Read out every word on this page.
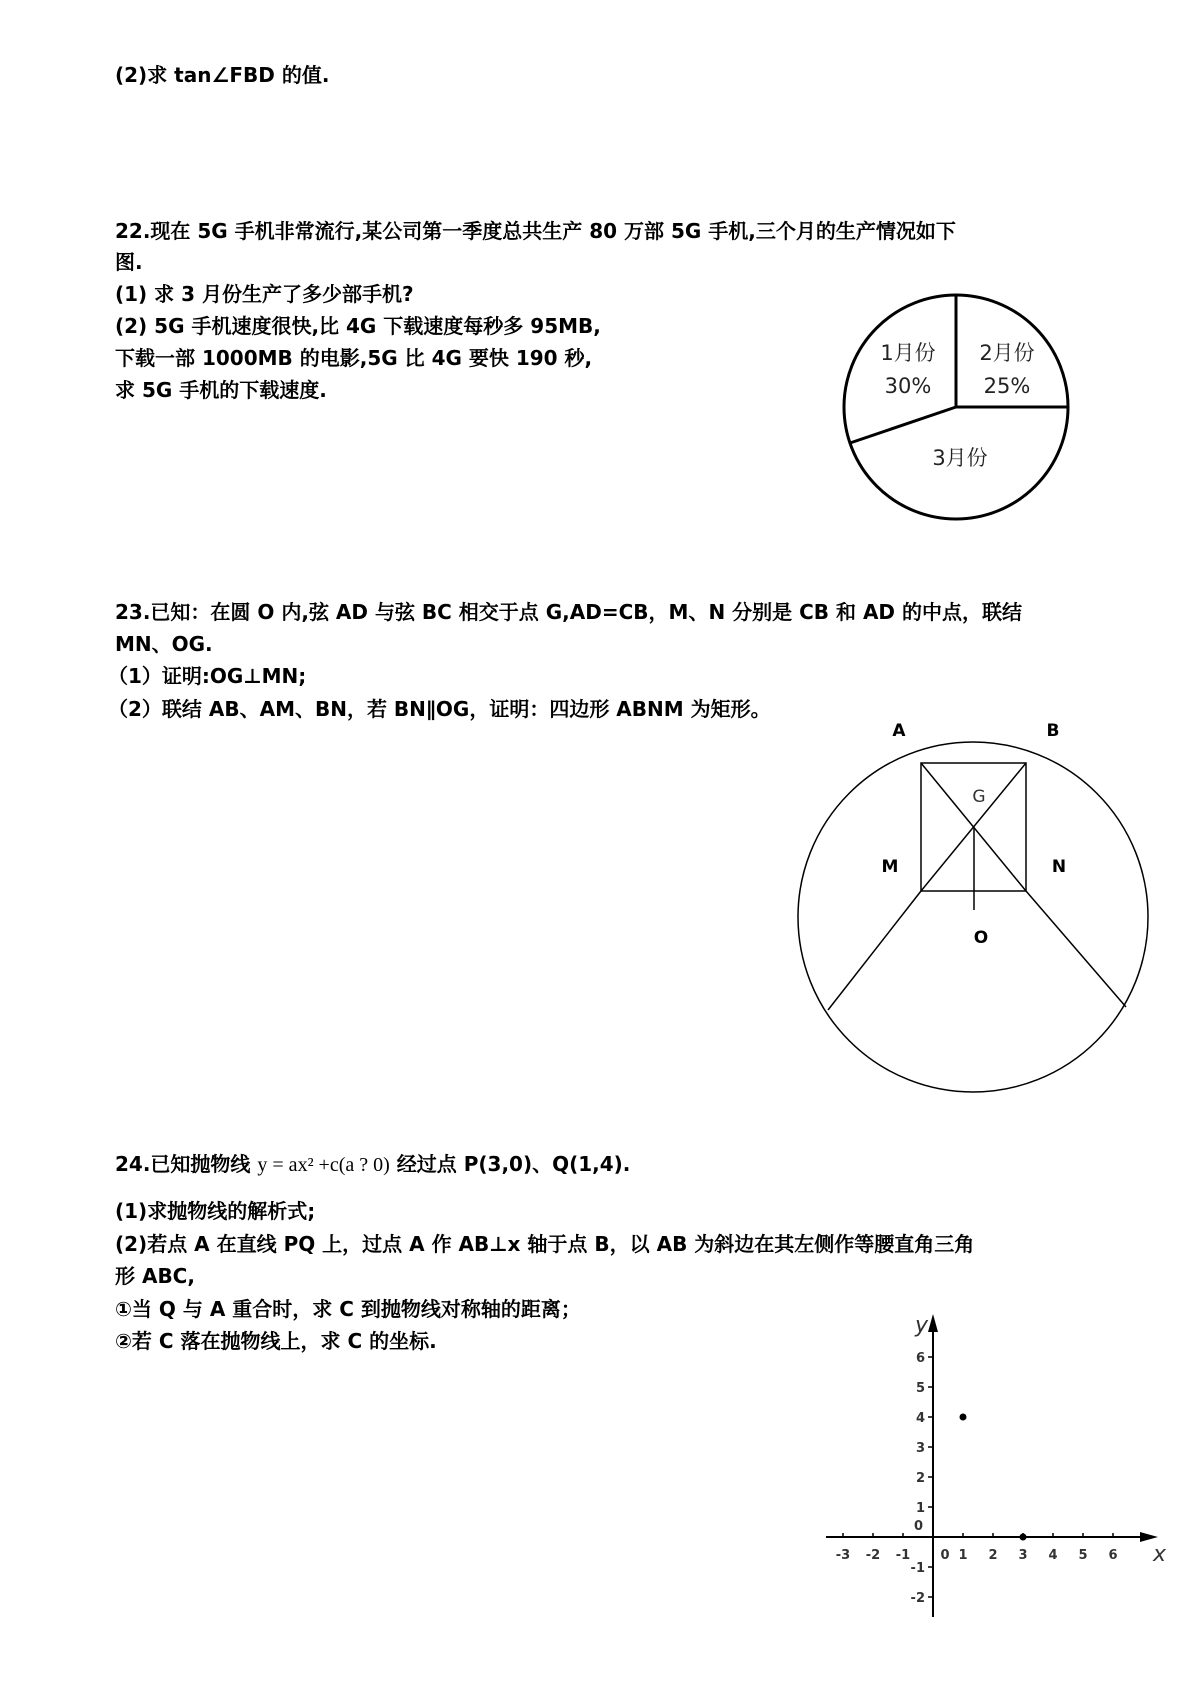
(2)求 tan∠FBD 的值.
22.现在 5G 手机非常流行,某公司第一季度总共生产 80 万部 5G 手机,三个月的生产情况如下
图.
(1) 求 3 月份生产了多少部手机?
(2) 5G 手机速度很快,比 4G 下载速度每秒多 95MB,
下载一部 1000MB 的电影,5G 比 4G 要快 190 秒,
求 5G 手机的下载速度.
23.已知：在圆 O 内,弦 AD 与弦 BC 相交于点 G,AD=CB，M、N 分别是 CB 和 AD 的中点，联结
MN、OG.
（1）证明:OG⊥MN;
（2）联结 AB、AM、BN，若 BN∥OG，证明：四边形 ABNM 为矩形。
24.已知抛物线 y = ax² +c(a ? 0) 经过点 P(3,0)、Q(1,4).
(1)求抛物线的解析式;
(2)若点 A 在直线 PQ 上，过点 A 作 AB⊥x 轴于点 B，以 AB 为斜边在其左侧作等腰直角三角
形 ABC,
①当 Q 与 A 重合时，求 C 到抛物线对称轴的距离；
②若 C 落在抛物线上，求 C 的坐标.
1月份
30%
2月份
25%
3月份
A	B
G
M	N
O
x
y
-3 -2 -1 0 1 2 3 4 5 6
6
5
4
3
2
1
0
-1
-2
